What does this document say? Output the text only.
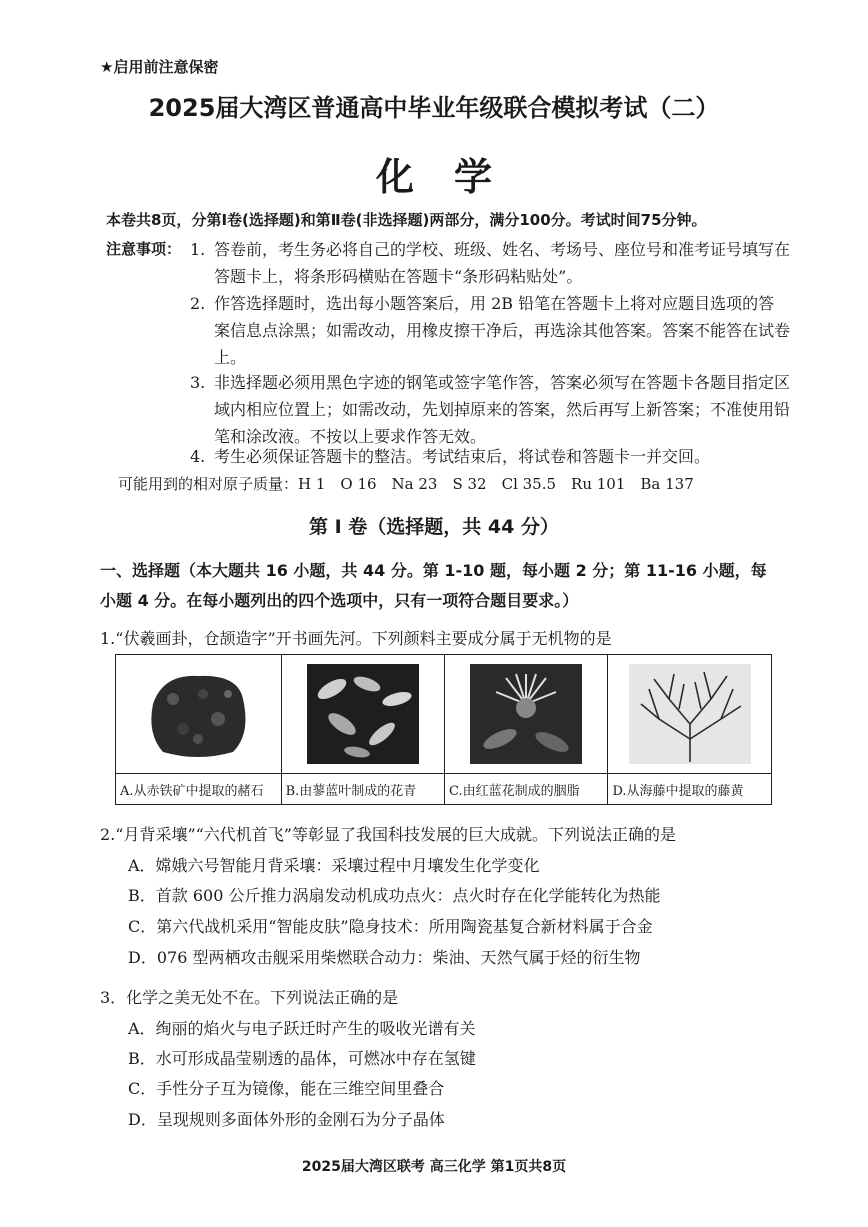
★启用前注意保密
2025届大湾区普通高中毕业年级联合模拟考试（二）
化学
本卷共8页，分第Ⅰ卷(选择题)和第Ⅱ卷(非选择题)两部分，满分100分。考试时间75分钟。
注意事项： 1. 答卷前，考生务必将自己的学校、班级、姓名、考场号、座位号和准考证号填写在答题卡上，将条形码横贴在答题卡“条形码粘贴处”。
2. 作答选择题时，选出每小题答案后，用 2B 铅笔在答题卡上将对应题目选项的答案信息点涂黑；如需改动，用橡皮擦干净后，再选涂其他答案。答案不能答在试卷上。
3. 非选择题必须用黑色字迹的钢笔或签字笔作答，答案必须写在答题卡各题目指定区域内相应位置上；如需改动，先划掉原来的答案，然后再写上新答案；不准使用铅笔和涂改液。不按以上要求作答无效。
4. 考生必须保证答题卡的整洁。考试结束后，将试卷和答题卡一并交回。
可能用到的相对原子质量：H 1　O 16　Na 23　S 32　Cl 35.5　Ru 101　Ba 137
第 Ⅰ 卷（选择题，共 44 分）
一、选择题（本大题共 16 小题，共 44 分。第 1-10 题，每小题 2 分；第 11-16 小题，每小题 4 分。在每小题列出的四个选项中，只有一项符合题目要求。）
1.“伏羲画卦，仓颉造字”开书画先河。下列颜料主要成分属于无机物的是

A.从赤铁矿中提取的赭石	B.由蓼蓝叶制成的花青	C.由红蓝花制成的胭脂	D.从海藤中提取的藤黄
2.“月背采壤”“六代机首飞”等彰显了我国科技发展的巨大成就。下列说法正确的是
A．嫦娥六号智能月背采壤：采壤过程中月壤发生化学变化
B．首款 600 公斤推力涡扇发动机成功点火：点火时存在化学能转化为热能
C．第六代战机采用“智能皮肤”隐身技术：所用陶瓷基复合新材料属于合金
D．076 型两栖攻击舰采用柴燃联合动力：柴油、天然气属于烃的衍生物
3．化学之美无处不在。下列说法正确的是
A．绚丽的焰火与电子跃迁时产生的吸收光谱有关
B．水可形成晶莹剔透的晶体，可燃冰中存在氢键
C．手性分子互为镜像，能在三维空间里叠合
D．呈现规则多面体外形的金刚石为分子晶体
2025届大湾区联考 高三化学 第1页共8页
